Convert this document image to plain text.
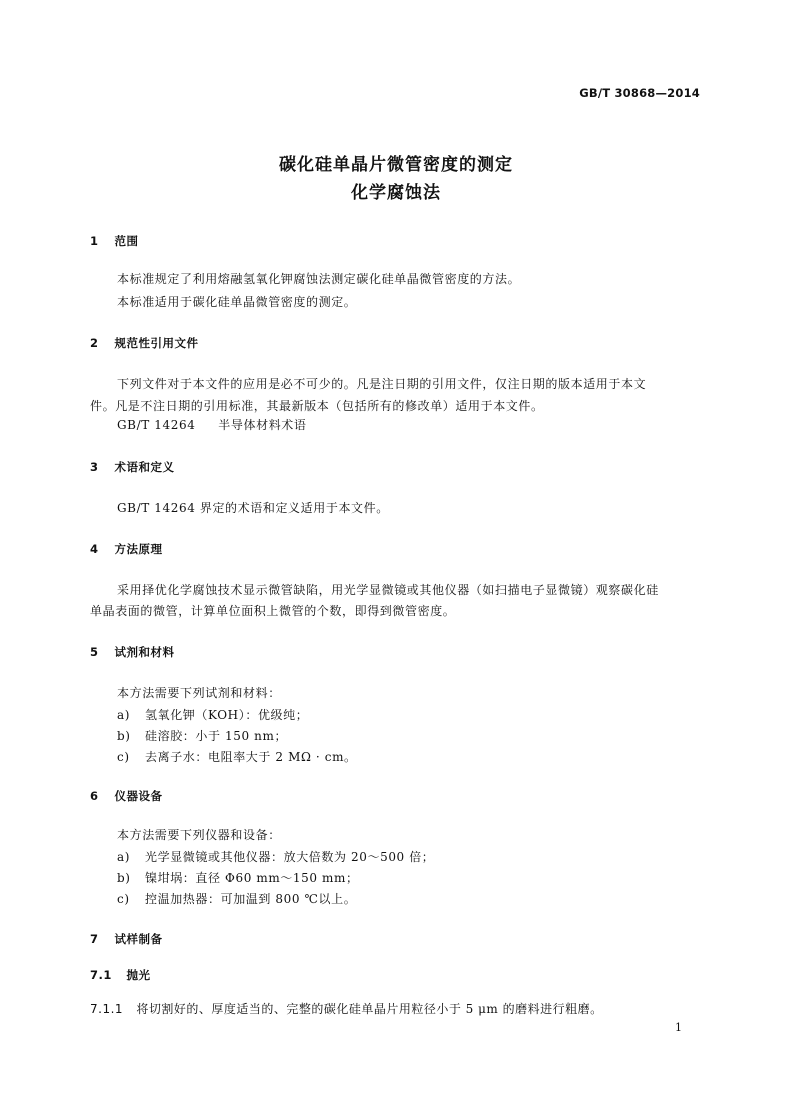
GB/T 30868—2014
碳化硅单晶片微管密度的测定
化学腐蚀法
1 范围
本标准规定了利用熔融氢氧化钾腐蚀法测定碳化硅单晶微管密度的方法。
本标准适用于碳化硅单晶微管密度的测定。
2 规范性引用文件
下列文件对于本文件的应用是必不可少的。凡是注日期的引用文件，仅注日期的版本适用于本文
件。凡是不注日期的引用标准，其最新版本（包括所有的修改单）适用于本文件。
GB/T 14264 半导体材料术语
3 术语和定义
GB/T 14264 界定的术语和定义适用于本文件。
4 方法原理
采用择优化学腐蚀技术显示微管缺陷，用光学显微镜或其他仪器（如扫描电子显微镜）观察碳化硅
单晶表面的微管，计算单位面积上微管的个数，即得到微管密度。
5 试剂和材料
本方法需要下列试剂和材料：
a) 氢氧化钾（KOH）：优级纯；
b) 硅溶胶：小于 150 nm；
c) 去离子水：电阻率大于 2 MΩ · cm。
6 仪器设备
本方法需要下列仪器和设备：
a) 光学显微镜或其他仪器：放大倍数为 20～500 倍；
b) 镍坩埚：直径 Φ60 mm～150 mm；
c) 控温加热器：可加温到 800 ℃以上。
7 试样制备
7.1 抛光
7.1.1 将切割好的、厚度适当的、完整的碳化硅单晶片用粒径小于 5 μm 的磨料进行粗磨。
1
